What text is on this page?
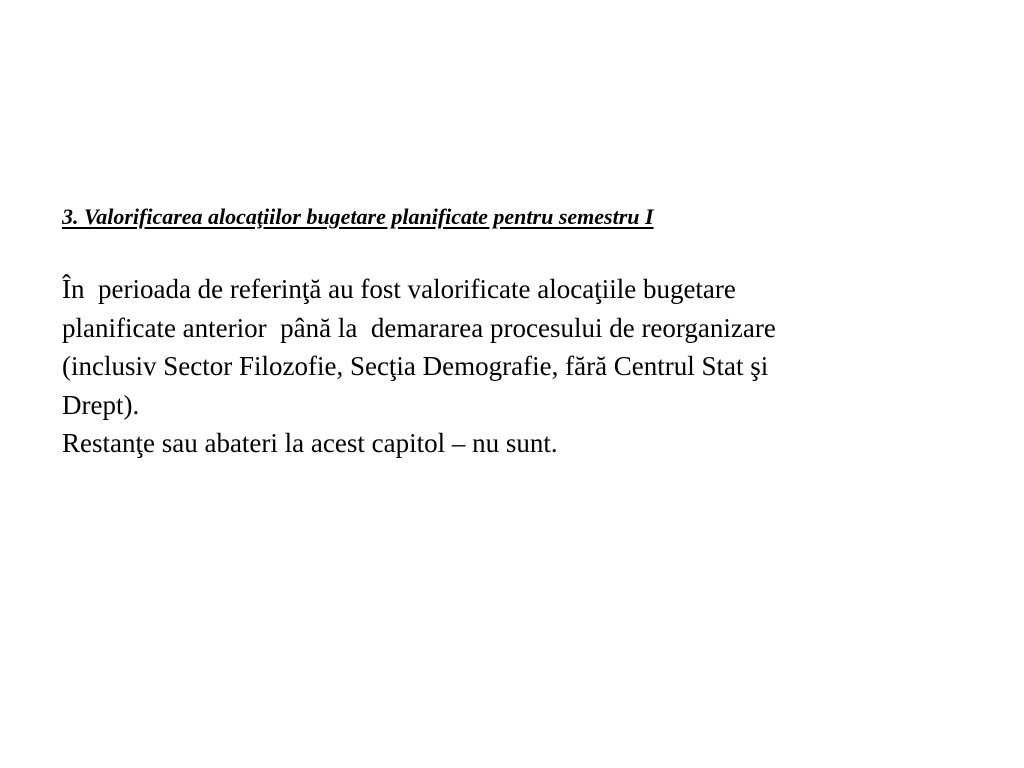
3. Valorificarea alocaţiilor bugetare planificate pentru semestru I
În  perioada de referinţă au fost valorificate alocaţiile bugetare
planificate anterior  până la  demararea procesului de reorganizare
(inclusiv Sector Filozofie, Secţia Demografie, fără Centrul Stat şi
Drept).
Restanţe sau abateri la acest capitol – nu sunt.
